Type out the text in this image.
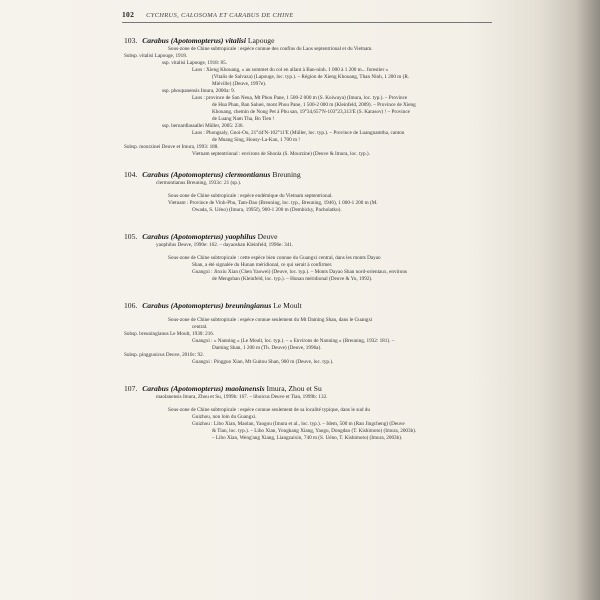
102 CYCHRUS, CALOSOMA ET CARABUS DE CHINE

103. Carabus (Apotomopterus) vitalisi Lapouge

Sous-zone de Chine subtropicale : espèce connue des confins du Laos septentrional et du Vietnam.
Subsp. vitalisi Lapouge, 1918.
ssp. vitalisi Lapouge, 1918: 85.
Laos : Xieng Khouang, « au sommet du col en allant à Ban-ninh. 1 000 à 1 200 m... forestier »
(Vitalis de Salvaza) (Lapouge, loc. typ.). – Région de Xieng Khouang, Than Ninh, 1 200 m (R.
Miéville) (Deuve, 1997e).
ssp. phoupanensis Imura, 2000a: 9.
Laos : province de San Neua, Mt Phou Pane, 1 500-2 000 m (S. Koiwaya) (Imura, loc. typ.). – Province
de Hua Phan, Ban Saluei, mont Phou Pane, 1 500-2 000 m (Kleinfeld, 2009). – Province de Xieng
Khouang, chemin de Nong Pet à Phu san, 19°34,657'N-103°23,313'E (S. Karasov) ! – Province
de Luang Nam Tha, Bo Tien !
ssp. bernardlassallei Müller, 2005: 236.
Laos : Phongsaly, Gnoi-Ou, 21°44'N-102°11'E (Müller, loc. typ.). – Province de Luangnamtha, canton
de Muang Sing, Housy-La-Kan, 1 700 m !
Subsp. mourzinei Deuve et Imura, 1993: 188.
Vietnam septentrional : environs de Shonla (S. Mourzine) (Deuve & Imura, loc. typ.).

104. Carabus (Apotomopterus) clermontianus Breuning

clermontianus Breuning, 1933c: 21 (sp.).
Sous-zone de Chine subtropicale : espèce endémique du Vietnam septentrional.
Vietnam : Province de Vinh-Phu, Tam-Dao (Breuning, loc. typ., Breuning, 1946), 1 000-1 200 m (M.
Owada, S. Uéno) (Imura, 1995f), 900-1 200 m (Dembicky, Pacholatko).

105. Carabus (Apotomopterus) yaophilus Deuve

yaophilus Deuve, 1990e: 162. – dayaoshan Kleinfeld, 1996e: 341.
Sous-zone de Chine subtropicale : cette espèce bien connue du Guangxi central, dans les monts Dayao
Shan, a été signalée du Hunan méridional, ce qui serait à confirmer.
Guangxi : Jinxiu Xian (Chen Yaowei) (Deuve, loc. typ.). – Monts Dayao Shan nord-orientaux, environs
de Mengshan (Kleinfeld, loc. typ.). – Hunan méridional (Deuve & Yu, 1992).

106. Carabus (Apotomopterus) breuningianus Le Moult

Sous-zone de Chine subtropicale : espèce connue seulement du Mt Daming Shan, dans le Guangxi
central.
Subsp. breuningianus Le Moult, 1930: 216.
Guangxi : « Nanning » (Le Moult, loc. typ.). – « Environs de Nanning » (Breuning, 1932: 181). –
Daming Shan, 1 200 m (Th. Deuve) (Deuve, 1996a).
Subsp. pingguoicus Deuve, 2010c: 92.
Guangxi : Pingguo Xian, Mt Guitou Shan, 900 m (Deuve, loc. typ.).

107. Carabus (Apotomopterus) maolanensis Imura, Zhou et Su

maolanensis Imura, Zhou et Su, 1999b: 167. – liboicus Deuve et Tian, 1999b: 132.
Sous-zone de Chine subtropicale : espèce connue seulement de sa localité typique, dans le sud du
Guizhou, non loin du Guangxi.
Guizhou : Libo Xian, Maolan, Yaogou (Imura et al., loc. typ.). – Idem, 500 m (Ran Jingcheng) (Deuve
& Tian, loc. typ.). – Libo Xian, Yongkang Xiang, Yaogu, Dongdao (T. Kishimoto) (Imura, 2003b).
– Libo Xian, Weng'ang Xiang, Liangzaixin, 740 m (S. Uéno, T. Kishimoto) (Imura, 2003b).
